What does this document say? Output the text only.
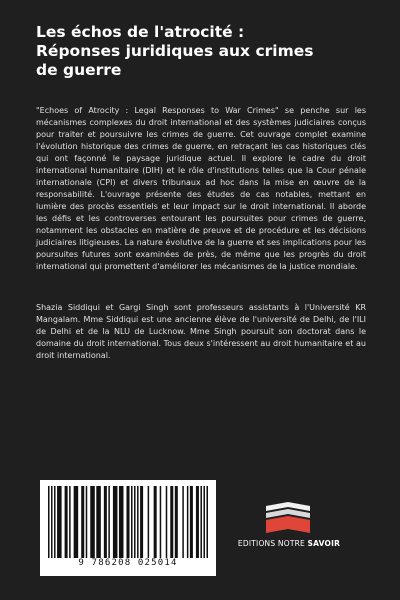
Les échos de l'atrocité :
Réponses juridiques aux crimes
de guerre

"Echoes of Atrocity : Legal Responses to War Crimes" se penche sur les mécanismes complexes du droit international et des systèmes judiciaires conçus pour traiter et poursuivre les crimes de guerre. Cet ouvrage complet examine l'évolution historique des crimes de guerre, en retraçant les cas historiques clés qui ont façonné le paysage juridique actuel. Il explore le cadre du droit international humanitaire (DIH) et le rôle d'institutions telles que la Cour pénale internationale (CPI) et divers tribunaux ad hoc dans la mise en œuvre de la responsabilité. L'ouvrage présente des études de cas notables, mettant en lumière des procès essentiels et leur impact sur le droit international. Il aborde les défis et les controverses entourant les poursuites pour crimes de guerre, notamment les obstacles en matière de preuve et de procédure et les décisions judiciaires litigieuses. La nature évolutive de la guerre et ses implications pour les poursuites futures sont examinées de près, de même que les progrès du droit international qui promettent d'améliorer les mécanismes de la justice mondiale.

Shazia Siddiqui et Gargi Singh sont professeurs assistants à l'Université KR Mangalam. Mme Siddiqui est une ancienne élève de l'université de Delhi, de l'ILI de Delhi et de la NLU de Lucknow. Mme Singh poursuit son doctorat dans le domaine du droit international. Tous deux s'intéressent au droit humanitaire et au droit international.

9 786208 025014
EDITIONS NOTRE SAVOIR
